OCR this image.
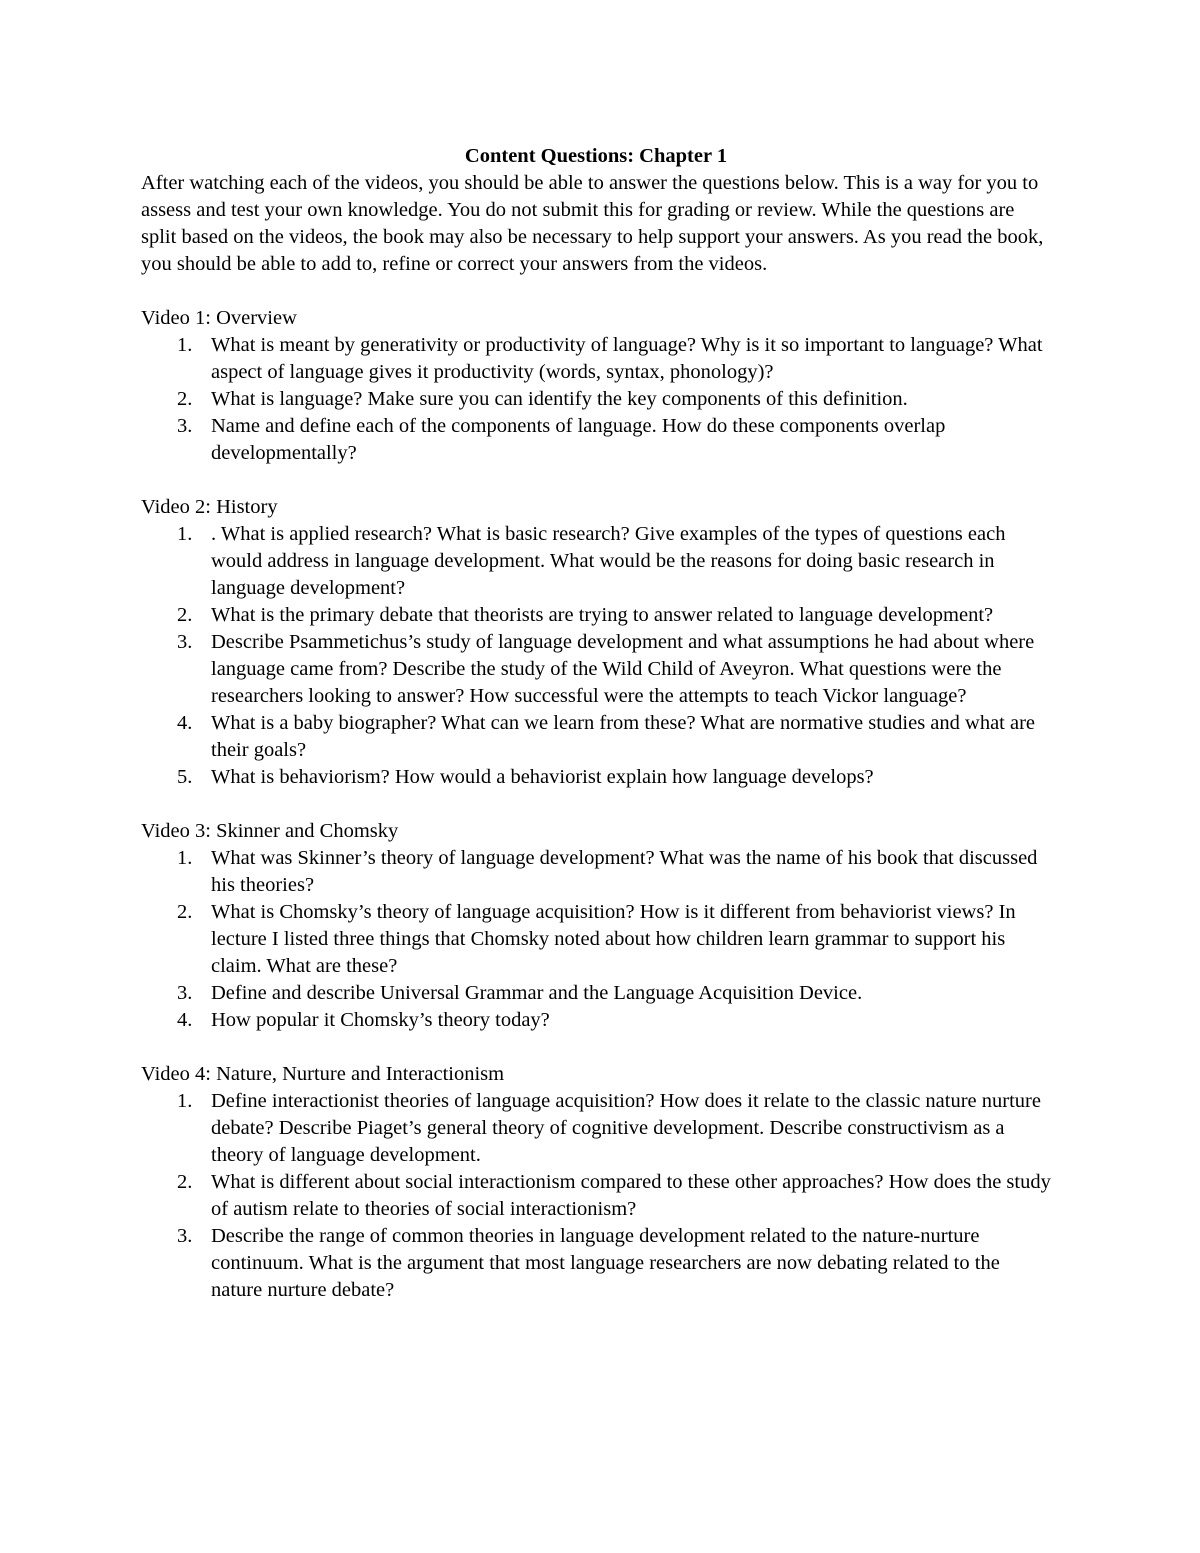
Content Questions: Chapter 1

After watching each of the videos, you should be able to answer the questions below. This is a way for you to assess and test your own knowledge. You do not submit this for grading or review. While the questions are split based on the videos, the book may also be necessary to help support your answers. As you read the book, you should be able to add to, refine or correct your answers from the videos.

Video 1: Overview

1. What is meant by generativity or productivity of language? Why is it so important to language? What aspect of language gives it productivity (words, syntax, phonology)?
2. What is language? Make sure you can identify the key components of this definition.
3. Name and define each of the components of language. How do these components overlap developmentally?

Video 2: History

1. . What is applied research? What is basic research? Give examples of the types of questions each would address in language development. What would be the reasons for doing basic research in language development?
2. What is the primary debate that theorists are trying to answer related to language development?
3. Describe Psammetichus’s study of language development and what assumptions he had about where language came from? Describe the study of the Wild Child of Aveyron. What questions were the researchers looking to answer? How successful were the attempts to teach Vickor language?
4. What is a baby biographer? What can we learn from these? What are normative studies and what are their goals?
5. What is behaviorism? How would a behaviorist explain how language develops?

Video 3: Skinner and Chomsky

1. What was Skinner’s theory of language development? What was the name of his book that discussed his theories?
2. What is Chomsky’s theory of language acquisition? How is it different from behaviorist views? In lecture I listed three things that Chomsky noted about how children learn grammar to support his claim. What are these?
3. Define and describe Universal Grammar and the Language Acquisition Device.
4. How popular it Chomsky’s theory today?

Video 4: Nature, Nurture and Interactionism

1. Define interactionist theories of language acquisition? How does it relate to the classic nature nurture debate? Describe Piaget’s general theory of cognitive development. Describe constructivism as a theory of language development.
2. What is different about social interactionism compared to these other approaches? How does the study of autism relate to theories of social interactionism?
3. Describe the range of common theories in language development related to the nature-nurture continuum. What is the argument that most language researchers are now debating related to the nature nurture debate?
